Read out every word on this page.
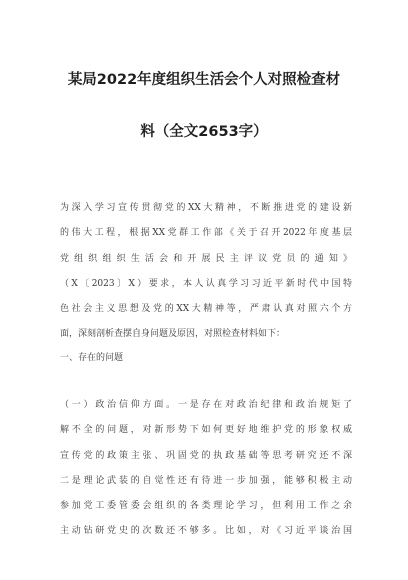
某局2022年度组织生活会个人对照检查材
料（全文2653字）
为深入学习宣传贯彻党的XX大精神，不断推进党的建设新
的伟大工程，根据XX党群工作部《关于召开2022年度基层
党组织组织生活会和开展民主评议党员的通知》
（X〔2023〕X）要求，本人认真学习习近平新时代中国特
色社会主义思想及党的XX大精神等，严肃认真对照六个方
面，深刻剖析查摆自身问题及原因，对照检查材料如下：
一、存在的问题
（一）政治信仰方面。一是存在对政治纪律和政治规矩了
解不全的问题，对新形势下如何更好地维护党的形象权威
宣传党的政策主张、巩固党的执政基础等思考研究还不深
二是理论武装的自觉性还有待进一步加强，能够积极主动
参加党工委管委会组织的各类理论学习，但利用工作之余
主动钻研党史的次数还不够多。比如，对《习近平谈治国
